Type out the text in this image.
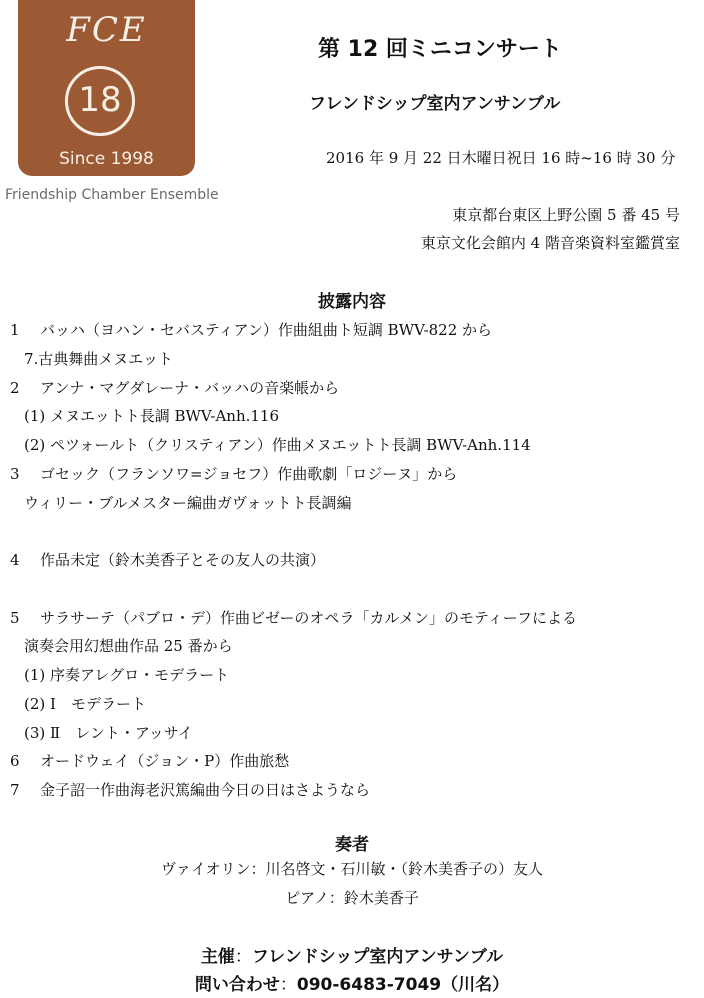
FCE
18
Since 1998
Friendship Chamber Ensemble
第 12 回ミニコンサート
フレンドシップ室内アンサンブル
2016 年 9 月 22 日木曜日祝日 16 時~16 時 30 分
東京都台東区上野公園 5 番 45 号
東京文化会館内 4 階音楽資料室鑑賞室
披露内容
1 バッハ（ヨハン・セバスティアン）作曲組曲ト短調 BWV-822 から
7.古典舞曲メヌエット
2 アンナ・マグダレーナ・バッハの音楽帳から
(1) メヌエットト長調 BWV-Anh.116
(2) ペツォールト（クリスティアン）作曲メヌエットト長調 BWV-Anh.114
3 ゴセック（フランソワ=ジョセフ）作曲歌劇「ロジーヌ」から
ウィリー・ブルメスター編曲ガヴォットト長調編
4 作品未定（鈴木美香子とその友人の共演）
5 サラサーテ（パブロ・デ）作曲ビゼーのオペラ「カルメン」のモティーフによる
演奏会用幻想曲作品 25 番から
(1) 序奏アレグロ・モデラート
(2) Ⅰ　モデラート
(3) Ⅱ　レント・アッサイ
6 オードウェイ（ジョン・P）作曲旅愁
7 金子詔一作曲海老沢篤編曲今日の日はさようなら
奏者
ヴァイオリン：川名啓文・石川敏・（鈴木美香子の）友人
ピアノ：鈴木美香子
主催：フレンドシップ室内アンサンブル
問い合わせ：090-6483-7049（川名）
